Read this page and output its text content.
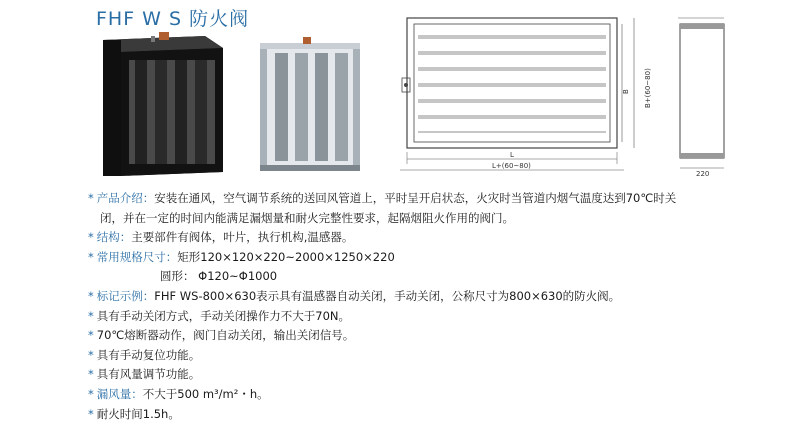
FHF W S 防火阀
L
L+(60~80)
B B+(60~80)
220
* 产品介绍：安装在通风，空气调节系统的送回风管道上，平时呈开启状态，火灾时当管道内烟气温度达到70℃时关
闭，并在一定的时间内能满足漏烟量和耐火完整性要求，起隔烟阻火作用的阀门。
* 结构：主要部件有阀体，叶片，执行机构,温感器。
* 常用规格尺寸：矩形120×120×220~2000×1250×220
圆形： Φ120~Φ1000
* 标记示例：FHF WS-800×630表示具有温感器自动关闭，手动关闭，公称尺寸为800×630的防火阀。
* 具有手动关闭方式，手动关闭操作力不大于70N。
* 70℃熔断器动作，阀门自动关闭，输出关闭信号。
* 具有手动复位功能。
* 具有风量调节功能。
* 漏风量：不大于500 m³/m²・h。
* 耐火时间1.5h。
